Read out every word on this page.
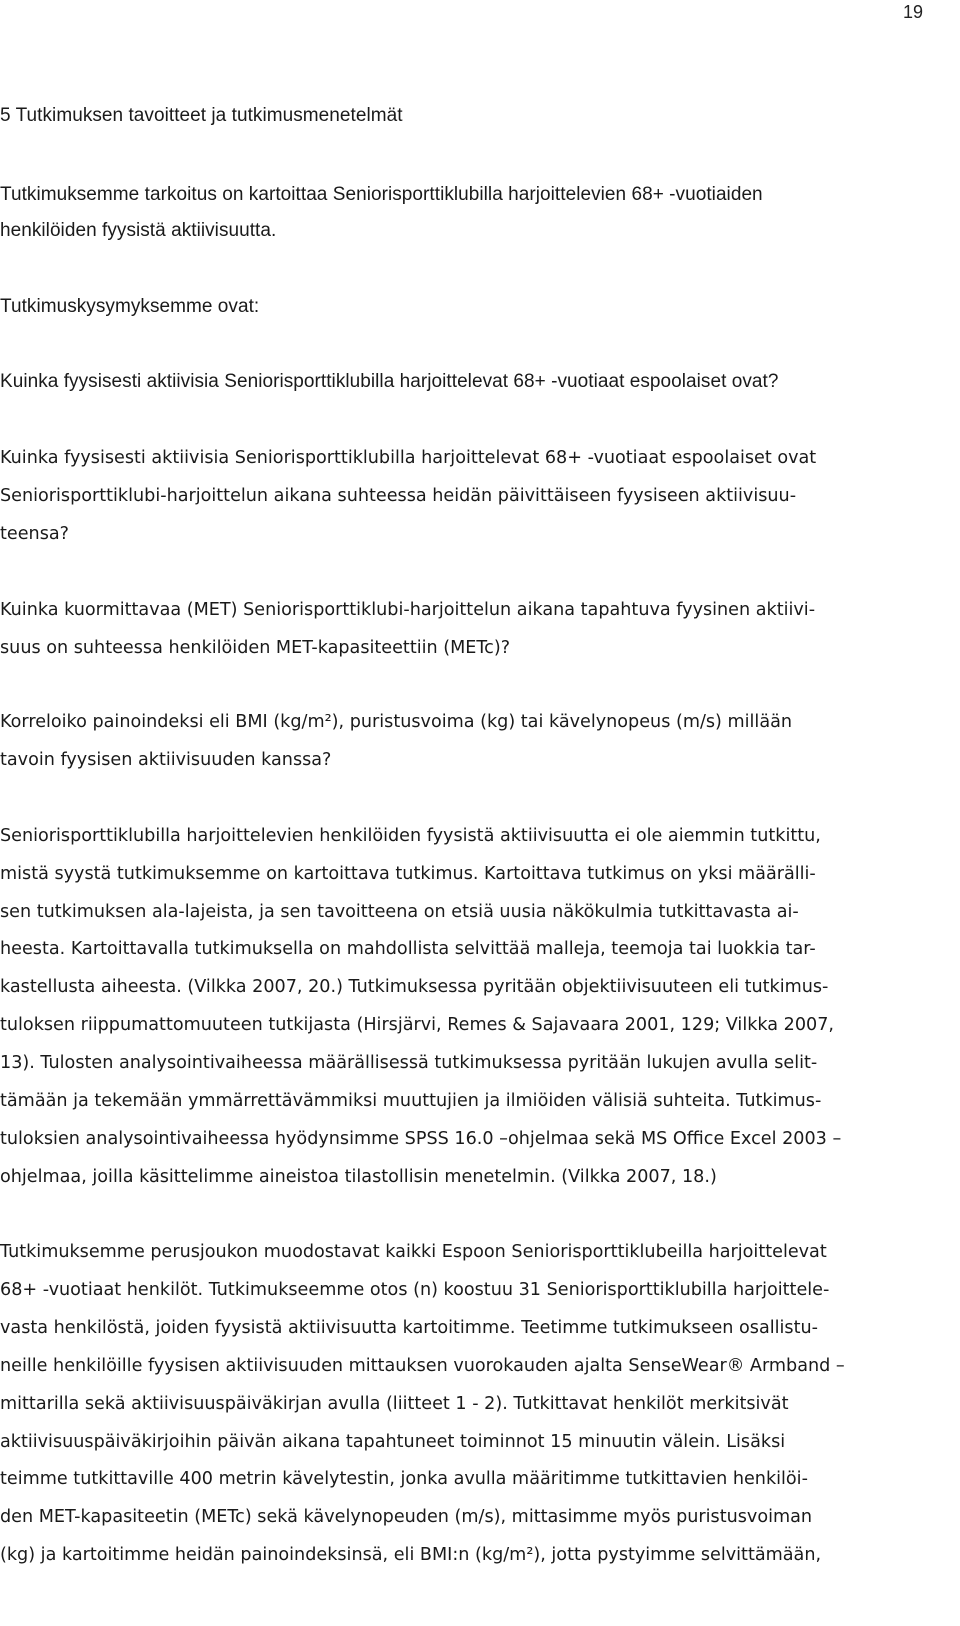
19

5 Tutkimuksen tavoitteet ja tutkimusmenetelmät

Tutkimuksemme tarkoitus on kartoittaa Seniorisporttiklubilla harjoittelevien 68+ -vuotiaiden

henkilöiden fyysistä aktiivisuutta.

Tutkimuskysymyksemme ovat:

Kuinka fyysisesti aktiivisia Seniorisporttiklubilla harjoittelevat 68+ -vuotiaat espoolaiset ovat?

Kuinka fyysisesti aktiivisia Seniorisporttiklubilla harjoittelevat 68+ -vuotiaat espoolaiset ovat

Seniorisporttiklubi-harjoittelun aikana suhteessa heidän päivittäiseen fyysiseen aktiivisuu-

teensa?

Kuinka kuormittavaa (MET) Seniorisporttiklubi-harjoittelun aikana tapahtuva fyysinen aktiivi-

suus on suhteessa henkilöiden MET-kapasiteettiin (METc)?

Korreloiko painoindeksi eli BMI (kg/m²), puristusvoima (kg) tai kävelynopeus (m/s) millään

tavoin fyysisen aktiivisuuden kanssa?

Seniorisporttiklubilla harjoittelevien henkilöiden fyysistä aktiivisuutta ei ole aiemmin tutkittu,

mistä syystä tutkimuksemme on kartoittava tutkimus. Kartoittava tutkimus on yksi määrälli-

sen tutkimuksen ala-lajeista, ja sen tavoitteena on etsiä uusia näkökulmia tutkittavasta ai-

heesta. Kartoittavalla tutkimuksella on mahdollista selvittää malleja, teemoja tai luokkia tar-

kastellusta aiheesta. (Vilkka 2007, 20.) Tutkimuksessa pyritään objektiivisuuteen eli tutkimus-

tuloksen riippumattomuuteen tutkijasta (Hirsjärvi, Remes & Sajavaara 2001, 129; Vilkka 2007,

13). Tulosten analysointivaiheessa määrällisessä tutkimuksessa pyritään lukujen avulla selit-

tämään ja tekemään ymmärrettävämmiksi muuttujien ja ilmiöiden välisiä suhteita. Tutkimus-

tuloksien analysointivaiheessa hyödynsimme SPSS 16.0 –ohjelmaa sekä MS Office Excel 2003 –

ohjelmaa, joilla käsittelimme aineistoa tilastollisin menetelmin. (Vilkka 2007, 18.)

Tutkimuksemme perusjoukon muodostavat kaikki Espoon Seniorisporttiklubeilla harjoittelevat

68+ -vuotiaat henkilöt. Tutkimukseemme otos (n) koostuu 31 Seniorisporttiklubilla harjoittele-

vasta henkilöstä, joiden fyysistä aktiivisuutta kartoitimme. Teetimme tutkimukseen osallistu-

neille henkilöille fyysisen aktiivisuuden mittauksen vuorokauden ajalta SenseWear® Armband –

mittarilla sekä aktiivisuuspäiväkirjan avulla (liitteet 1 - 2). Tutkittavat henkilöt merkitsivät

aktiivisuuspäiväkirjoihin päivän aikana tapahtuneet toiminnot 15 minuutin välein. Lisäksi

teimme tutkittaville 400 metrin kävelytestin, jonka avulla määritimme tutkittavien henkilöi-

den MET-kapasiteetin (METc) sekä kävelynopeuden (m/s), mittasimme myös puristusvoiman

(kg) ja kartoitimme heidän painoindeksinsä, eli BMI:n (kg/m²), jotta pystyimme selvittämään,
